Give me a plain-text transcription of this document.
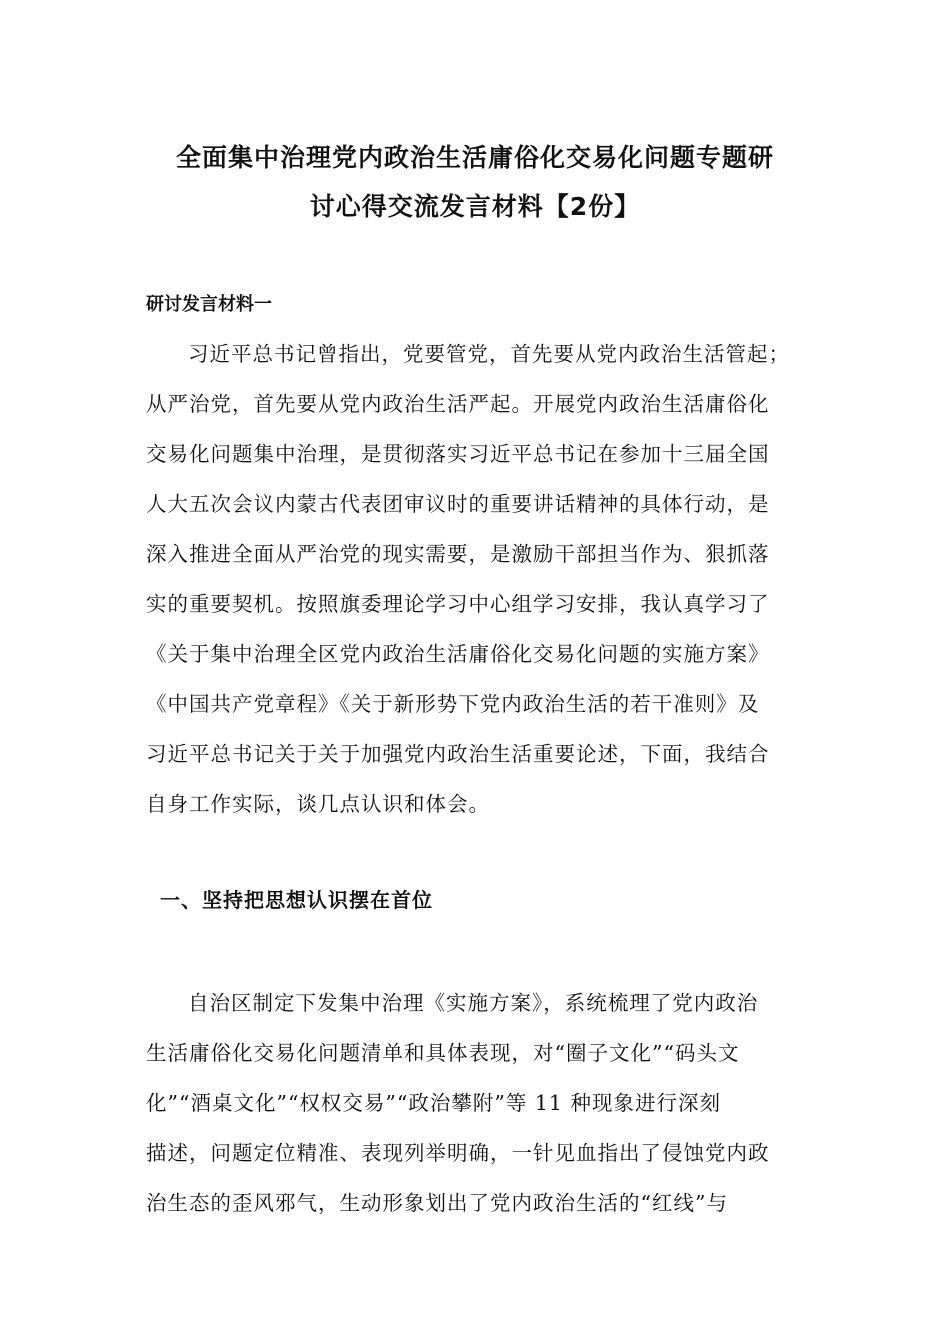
全面集中治理党内政治生活庸俗化交易化问题专题研
讨心得交流发言材料【2份】
研讨发言材料一
习近平总书记曾指出，党要管党，首先要从党内政治生活管起；
从严治党，首先要从党内政治生活严起。开展党内政治生活庸俗化
交易化问题集中治理，是贯彻落实习近平总书记在参加十三届全国
人大五次会议内蒙古代表团审议时的重要讲话精神的具体行动，是
深入推进全面从严治党的现实需要，是激励干部担当作为、狠抓落
实的重要契机。按照旗委理论学习中心组学习安排，我认真学习了
《关于集中治理全区党内政治生活庸俗化交易化问题的实施方案》
《中国共产党章程》《关于新形势下党内政治生活的若干准则》及
习近平总书记关于关于加强党内政治生活重要论述，下面，我结合
自身工作实际，谈几点认识和体会。
一、坚持把思想认识摆在首位
自治区制定下发集中治理《实施方案》，系统梳理了党内政治
生活庸俗化交易化问题清单和具体表现，对“圈子文化”“码头文
化”“酒桌文化”“权权交易”“政治攀附”等 11 种现象进行深刻
描述，问题定位精准、表现列举明确，一针见血指出了侵蚀党内政
治生态的歪风邪气，生动形象划出了党内政治生活的“红线”与
